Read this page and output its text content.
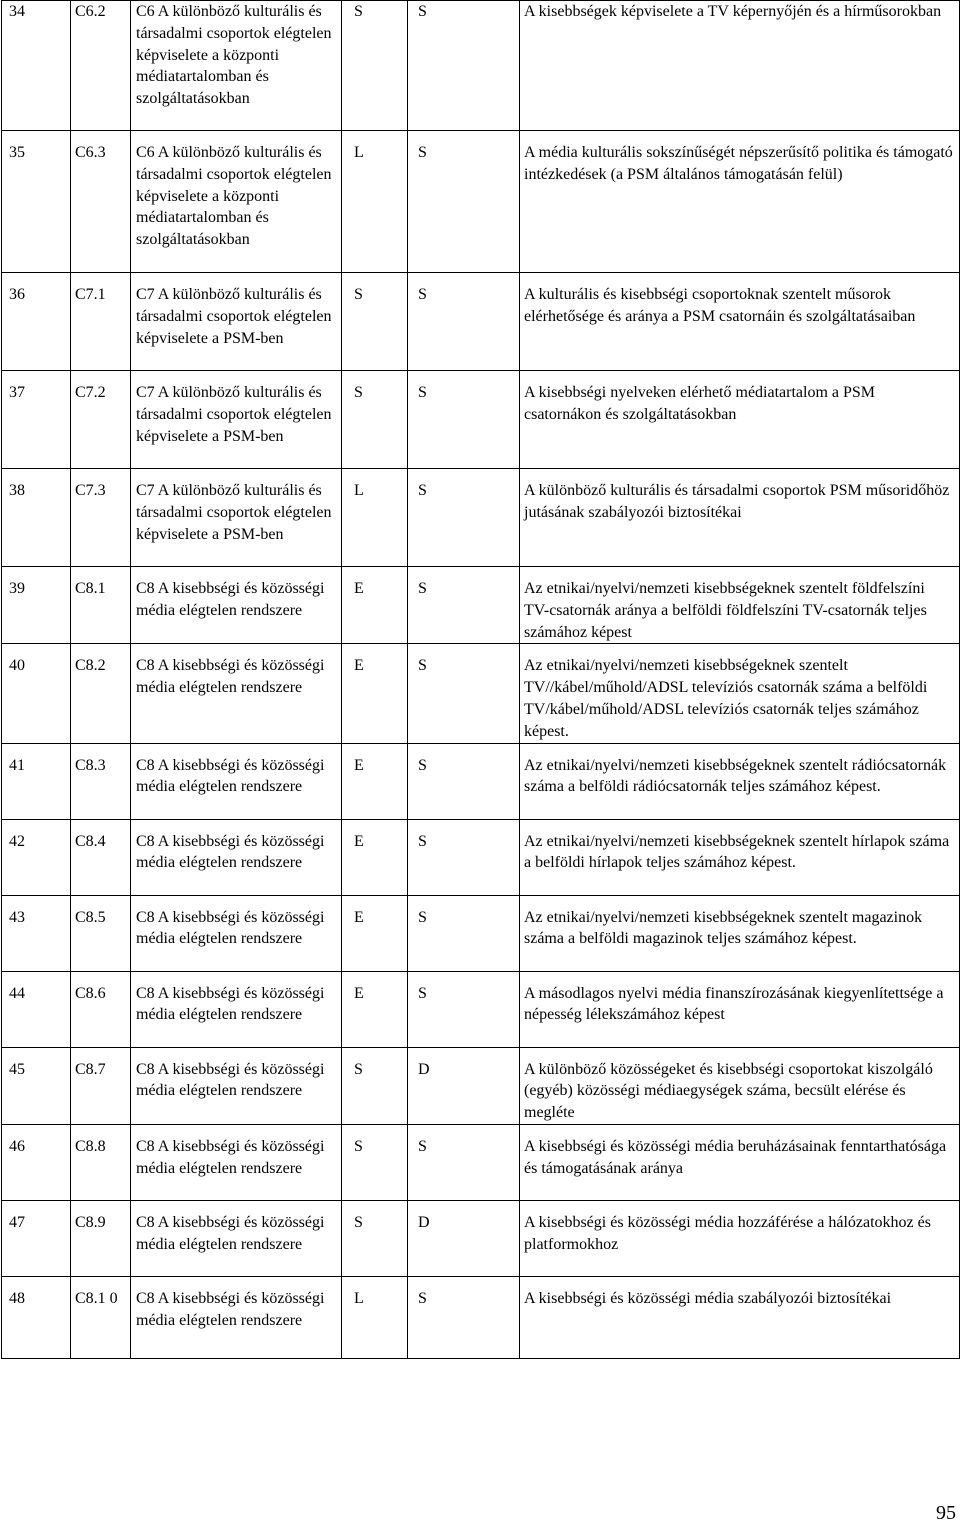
34	C6.2	C6 A különböző kulturális és társadalmi csoportok elégtelen képviselete a központi médiatartalomban és szolgáltatásokban	S	S	A kisebbségek képviselete a TV képernyőjén és a hírműsorokban
35	C6.3	C6 A különböző kulturális és társadalmi csoportok elégtelen képviselete a központi médiatartalomban és szolgáltatásokban	L	S	A média kulturális sokszínűségét népszerűsítő politika és támogató intézkedések (a PSM általános támogatásán felül)
36	C7.1	C7 A különböző kulturális és társadalmi csoportok elégtelen képviselete a PSM-ben	S	S	A kulturális és kisebbségi csoportoknak szentelt műsorok elérhetősége és aránya a PSM csatornáin és szolgáltatásaiban
37	C7.2	C7 A különböző kulturális és társadalmi csoportok elégtelen képviselete a PSM-ben	S	S	A kisebbségi nyelveken elérhető médiatartalom a PSM csatornákon és szolgáltatásokban
38	C7.3	C7 A különböző kulturális és társadalmi csoportok elégtelen képviselete a PSM-ben	L	S	A különböző kulturális és társadalmi csoportok PSM műsoridőhöz jutásának szabályozói biztosítékai
39	C8.1	C8 A kisebbségi és közösségi média elégtelen rendszere	E	S	Az etnikai/nyelvi/nemzeti kisebbségeknek szentelt földfelszíni TV-csatornák aránya a belföldi földfelszíni TV-csatornák teljes számához képest
40	C8.2	C8 A kisebbségi és közösségi média elégtelen rendszere	E	S	Az etnikai/nyelvi/nemzeti kisebbségeknek szentelt TV//kábel/műhold/ADSL televíziós csatornák száma a belföldi TV/kábel/műhold/ADSL televíziós csatornák teljes számához képest.
41	C8.3	C8 A kisebbségi és közösségi média elégtelen rendszere	E	S	Az etnikai/nyelvi/nemzeti kisebbségeknek szentelt rádiócsatornák száma a belföldi rádiócsatornák teljes számához képest.
42	C8.4	C8 A kisebbségi és közösségi média elégtelen rendszere	E	S	Az etnikai/nyelvi/nemzeti kisebbségeknek szentelt hírlapok száma a belföldi hírlapok teljes számához képest.
43	C8.5	C8 A kisebbségi és közösségi média elégtelen rendszere	E	S	Az etnikai/nyelvi/nemzeti kisebbségeknek szentelt magazinok száma a belföldi magazinok teljes számához képest.
44	C8.6	C8 A kisebbségi és közösségi média elégtelen rendszere	E	S	A másodlagos nyelvi média finanszírozásának kiegyenlítettsége a népesség lélekszámához képest
45	C8.7	C8 A kisebbségi és közösségi média elégtelen rendszere	S	D	A különböző közösségeket és kisebbségi csoportokat kiszolgáló (egyéb) közösségi médiaegységek száma, becsült elérése és megléte
46	C8.8	C8 A kisebbségi és közösségi média elégtelen rendszere	S	S	A kisebbségi és közösségi média beruházásainak fenntarthatósága és támogatásának aránya
47	C8.9	C8 A kisebbségi és közösségi média elégtelen rendszere	S	D	A kisebbségi és közösségi média hozzáférése a hálózatokhoz és platformokhoz
48	C8.1 0	C8 A kisebbségi és közösségi média elégtelen rendszere	L	S	A kisebbségi és közösségi média szabályozói biztosítékai
95
